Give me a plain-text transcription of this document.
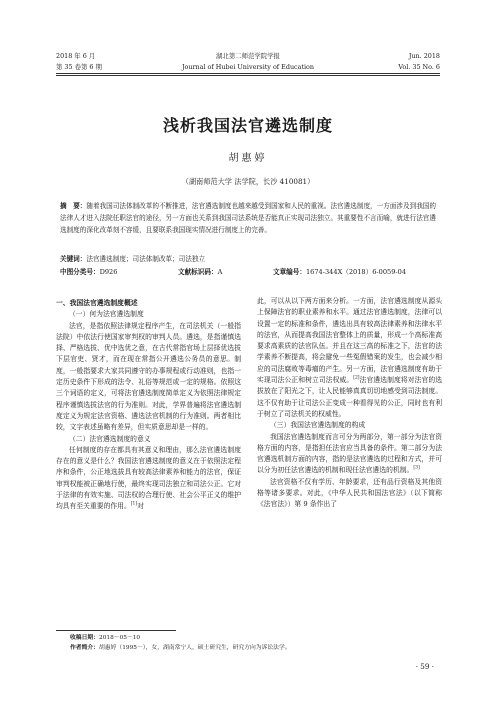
2018 年 6 月	湖北第二师范学院学报	Jun. 2018
第 35 卷第 6 期	Journal of Hubei University of Education	Vol. 35 No. 6
浅析我国法官遴选制度
胡惠婷
（湖南师范大学 法学院，长沙 410081）
摘　要：随着我国司法体制改革的不断推进，法官遴选制度也越来越受到国家和人民的重视。法官遴选制度，一方面涉及到我国的法律人才进入法院任职法官的途径，另一方面也关系到我国司法系统是否能真正实现司法独立。其重要性不言而喻，就进行法官遴选制度的深化改革刻不容缓，且要联系我国现实情况进行制度上的完善。
关键词：法官遴选制度；司法体制改革；司法独立
中图分类号：D926	文献标识码：A	文章编号：1674-344X（2018）6-0059-04

一、我国法官遴选制度概述

（一）何为法官遴选制度

法官，是指依照法律规定程序产生，在司法机关（一般指法院）中依法行使国家审判权的审判人员。遴选，是指谨慎选择、严格选拔、优中选优之意，在古代常指官场上层择优选拔下层官吏、贤才，而在现在常指公开遴选公务员的意思。制度，一般指要求大家共同遵守的办事规程或行动准则，也指一定历史条件下形成的法令、礼俗等规范或一定的规格。依照这三个词语的定义，可将法官遴选制度简单定义为依照法律规定程序谨慎选拔法官的行为准则。对此，学界普遍将法官遴选制度定义为规定法官资格、遴选法官机制的行为准则。两者相比较，文字表述虽略有差异，但实质意思却是一样的。

（二）法官遴选制度的意义

任何制度的存在都具有其意义和理由，那么法官遴选制度存在的意义是什么？我国法官遴选制度的意义在于依照法定程序和条件，公正地选拔具有较高法律素养和能力的法官，保证审判权能被正确地行使，最终实现司法独立和司法公正。它对于法律的有效实施、司法权的合理行使、社会公平正义的维护均具有至关重要的作用。[1]对

此，可以从以下两方面来分析。一方面，法官遴选制度从源头上保障法官的职业素养和水平。通过法官遴选制度，法律可以设置一定的标准和条件，遴选出具有较高法律素养和法律水平的法官，从而提高我国法官整体上的质量，形成一个高标准高要求高素质的法官队伍。并且在这三高的标准之下，法官的法学素养不断提高，将会避免一些冤假错案的发生，也会减少相应的司法腐败等毒瘤的产生。另一方面，法官遴选制度有助于实现司法公正和树立司法权威。[2]法官遴选制度将对法官的选拔放在了阳光之下，让人民能够真真切切地感受到司法制度。这不仅有助于让司法公正变成一种看得见的公正，同时也有利于树立了司法机关的权威性。

（三）我国法官遴选制度的构成

我国法官遴选制度而言可分为两部分，第一部分为法官资格方面的内容，是指担任法官应当具备的条件。第二部分为法官遴选机制方面的内容，指的是法官遴选的过程和方式，并可以分为初任法官遴选的机制和现任法官遴选的机制。[3]

法官资格不仅有学历、年龄要求，还有品行资格及其他资格等诸多要求。对此，《中华人民共和国法官法》（以下简称《法官法》）第 9 条作出了

收稿日期：2018－05－10
作者简介：胡惠婷（1995－），女，湖南常宁人，硕士研究生，研究方向为诉讼法学。
· 59 ·
